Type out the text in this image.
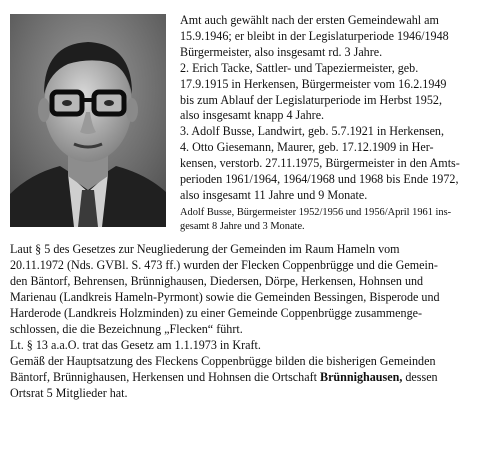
Amt auch gewählt nach der ersten Gemeindewahl am
15.9.1946; er bleibt in der Legislaturperiode 1946/1948
Bürgermeister, also insgesamt rd. 3 Jahre.
2. Erich Tacke, Sattler- und Tapeziermeister, geb.
17.9.1915 in Herkensen, Bürgermeister vom 16.2.1949
bis zum Ablauf der Legislaturperiode im Herbst 1952,
also insgesamt knapp 4 Jahre.
3. Adolf Busse, Landwirt, geb. 5.7.1921 in Herkensen,
4. Otto Giesemann, Maurer, geb. 17.12.1909 in Her-
kensen, verstorb. 27.11.1975, Bürgermeister in den Amts-
perioden 1961/1964, 1964/1968 und 1968 bis Ende 1972,
also insgesamt 11 Jahre und 9 Monate.
Adolf Busse, Bürgermeister 1952/1956 und 1956/April 1961 ins-
gesamt 8 Jahre und 3 Monate.
Laut § 5 des Gesetzes zur Neugliederung der Gemeinden im Raum Hameln vom
20.11.1972 (Nds. GVBl. S. 473 ff.) wurden der Flecken Coppenbrügge und die Gemein-
den Bäntorf, Behrensen, Brünnighausen, Diedersen, Dörpe, Herkensen, Hohnsen und
Marienau (Landkreis Hameln-Pyrmont) sowie die Gemeinden Bessingen, Bisperode und
Harderode (Landkreis Holzminden) zu einer Gemeinde Coppenbrügge zusammenge-
schlossen, die die Bezeichnung „Flecken“ führt.
Lt. § 13 a.a.O. trat das Gesetz am 1.1.1973 in Kraft.
Gemäß der Hauptsatzung des Fleckens Coppenbrügge bilden die bisherigen Gemeinden
Bäntorf, Brünnighausen, Herkensen und Hohnsen die Ortschaft Brünnighausen, dessen
Ortsrat 5 Mitglieder hat.
